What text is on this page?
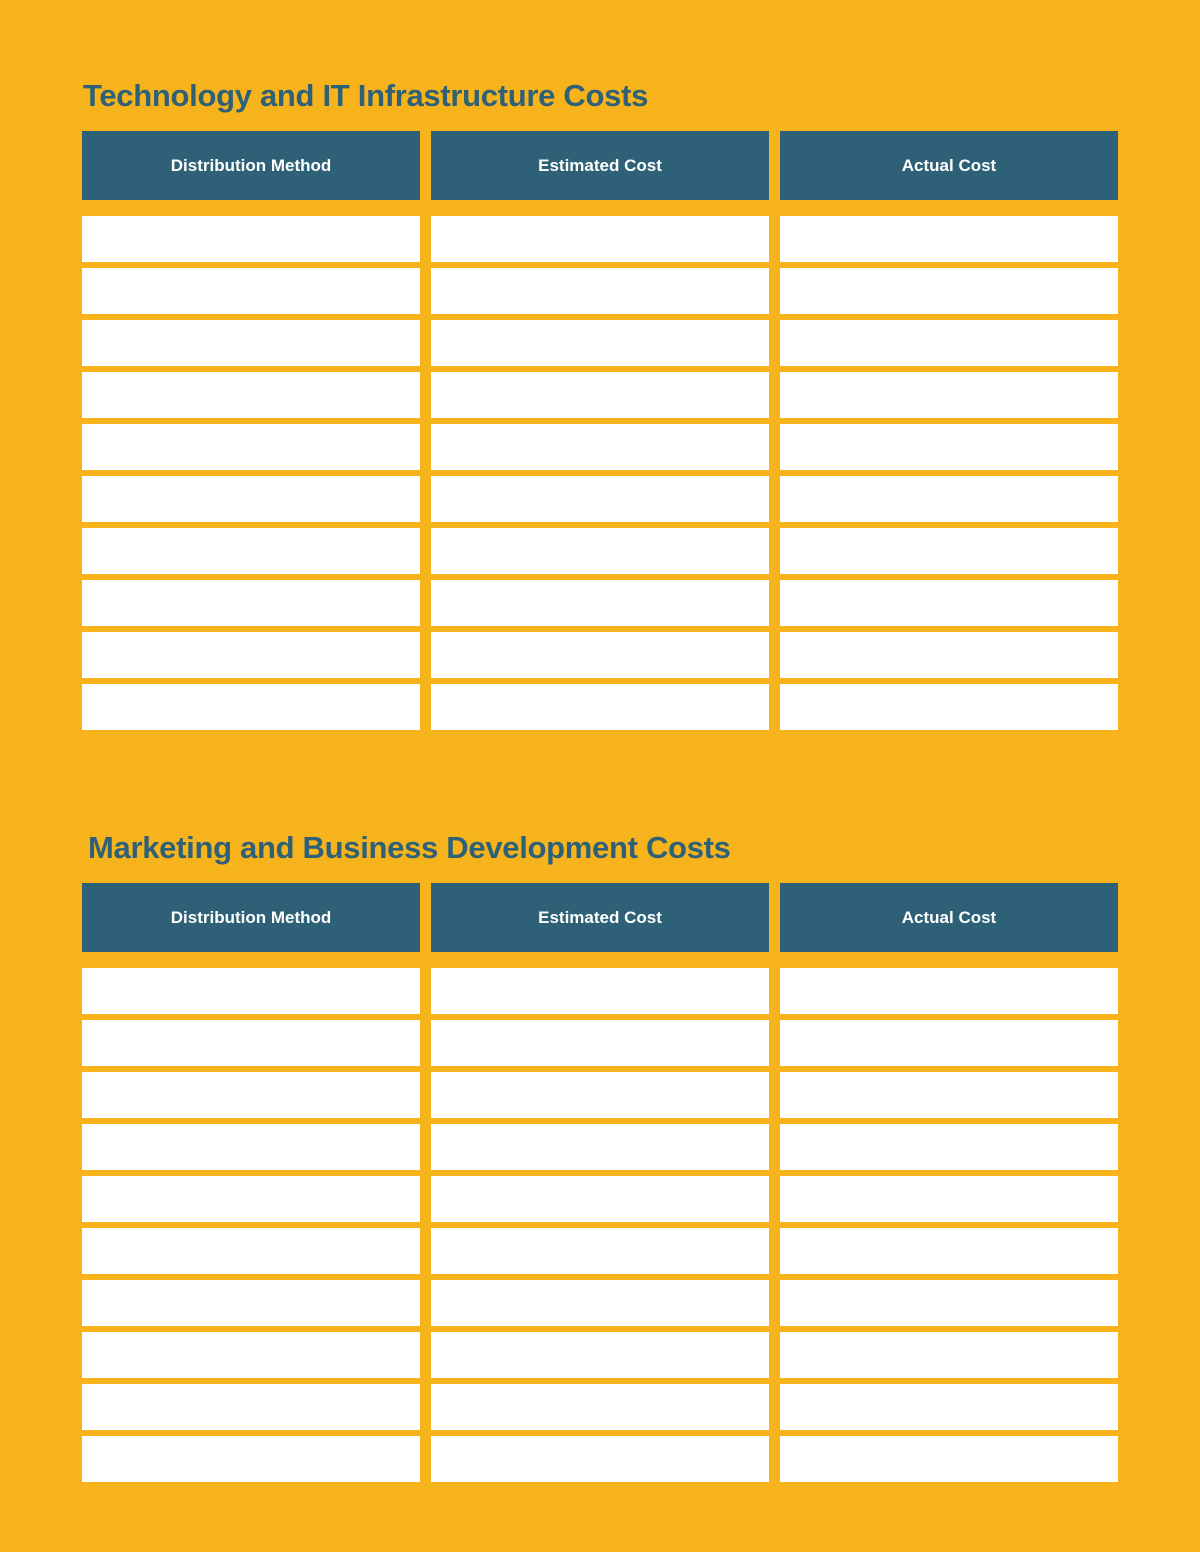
Technology and IT Infrastructure Costs
Distribution Method	Estimated Cost	Actual Cost
Marketing and Business Development Costs
Distribution Method	Estimated Cost	Actual Cost
